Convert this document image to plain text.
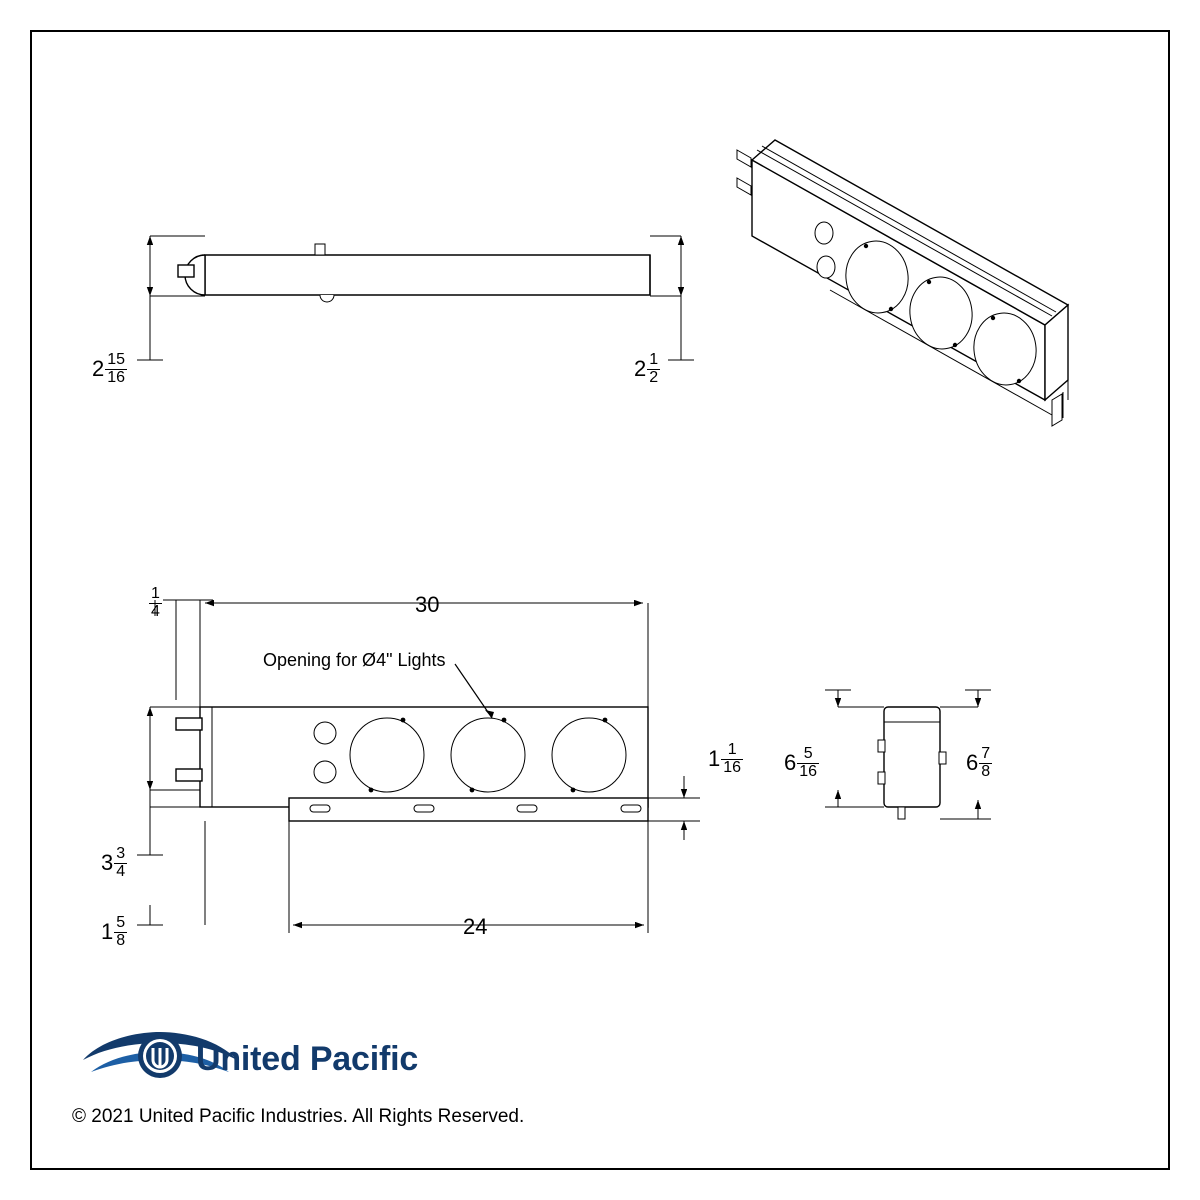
$2 \frac{15}{16}$	$2 \frac{1}{2}$
$\frac{1}{4}$	30
24
$1 \frac{1}{16}$
$3 \frac{3}{4}$
$1 \frac{5}{8}$
$6 \frac{5}{16}$	$6 \frac{7}{8}$
Opening for Ø4" Lights
United Pacific
© 2021 United Pacific Industries. All Rights Reserved.
